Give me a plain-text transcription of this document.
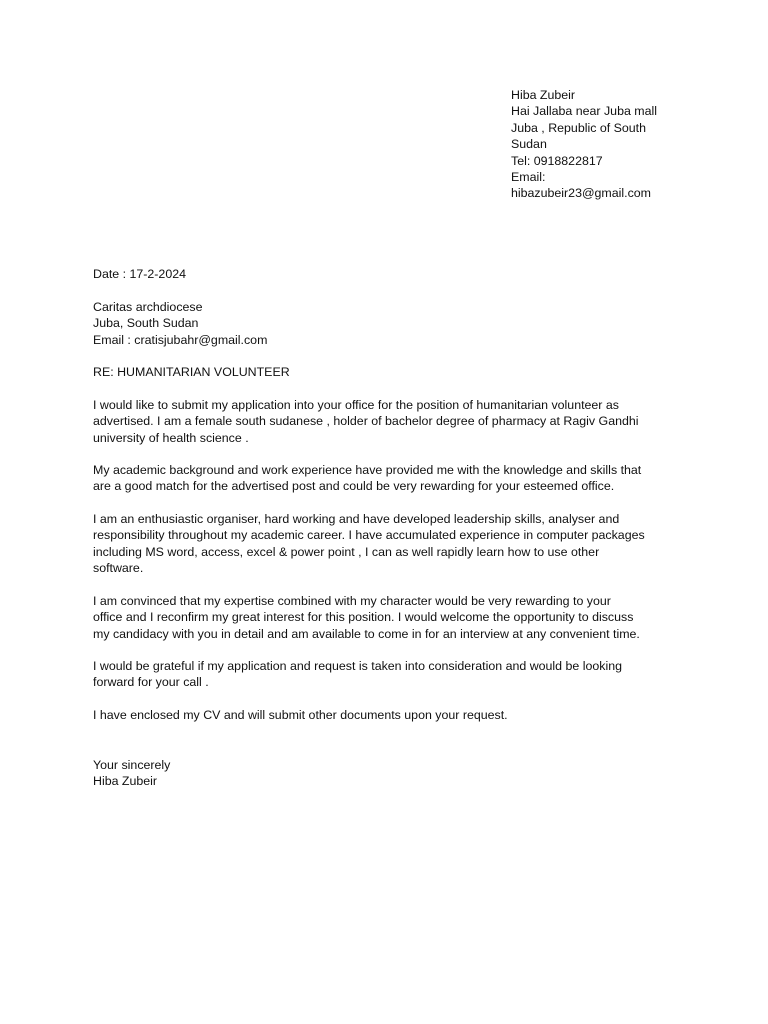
Hiba Zubeir
Hai Jallaba near Juba mall
Juba , Republic of South
Sudan
Tel: 0918822817
Email:
hibazubeir23@gmail.com
Date : 17-2-2024
Caritas archdiocese
Juba, South Sudan
Email : cratisjubahr@gmail.com
RE: HUMANITARIAN VOLUNTEER
I would like to submit my application into your office for the position of humanitarian volunteer as
advertised. I am a female south sudanese , holder of bachelor degree of pharmacy at Ragiv Gandhi
university of health science .
My academic background and work experience have provided me with the knowledge and skills that
are a good match for the advertised post and could be very rewarding for your esteemed office.
I am an enthusiastic organiser, hard working and have developed leadership skills, analyser and
responsibility throughout my academic career. I have accumulated experience in computer packages
including MS word, access, excel & power point , I can as well rapidly learn how to use other
software.
I am convinced that my expertise combined with my character would be very rewarding to your
office and I reconfirm my great interest for this position. I would welcome the opportunity to discuss
my candidacy with you in detail and am available to come in for an interview at any convenient time.
I would be grateful if my application and request is taken into consideration and would be looking
forward for your call .
I have enclosed my CV and will submit other documents upon your request.
Your sincerely
Hiba Zubeir
